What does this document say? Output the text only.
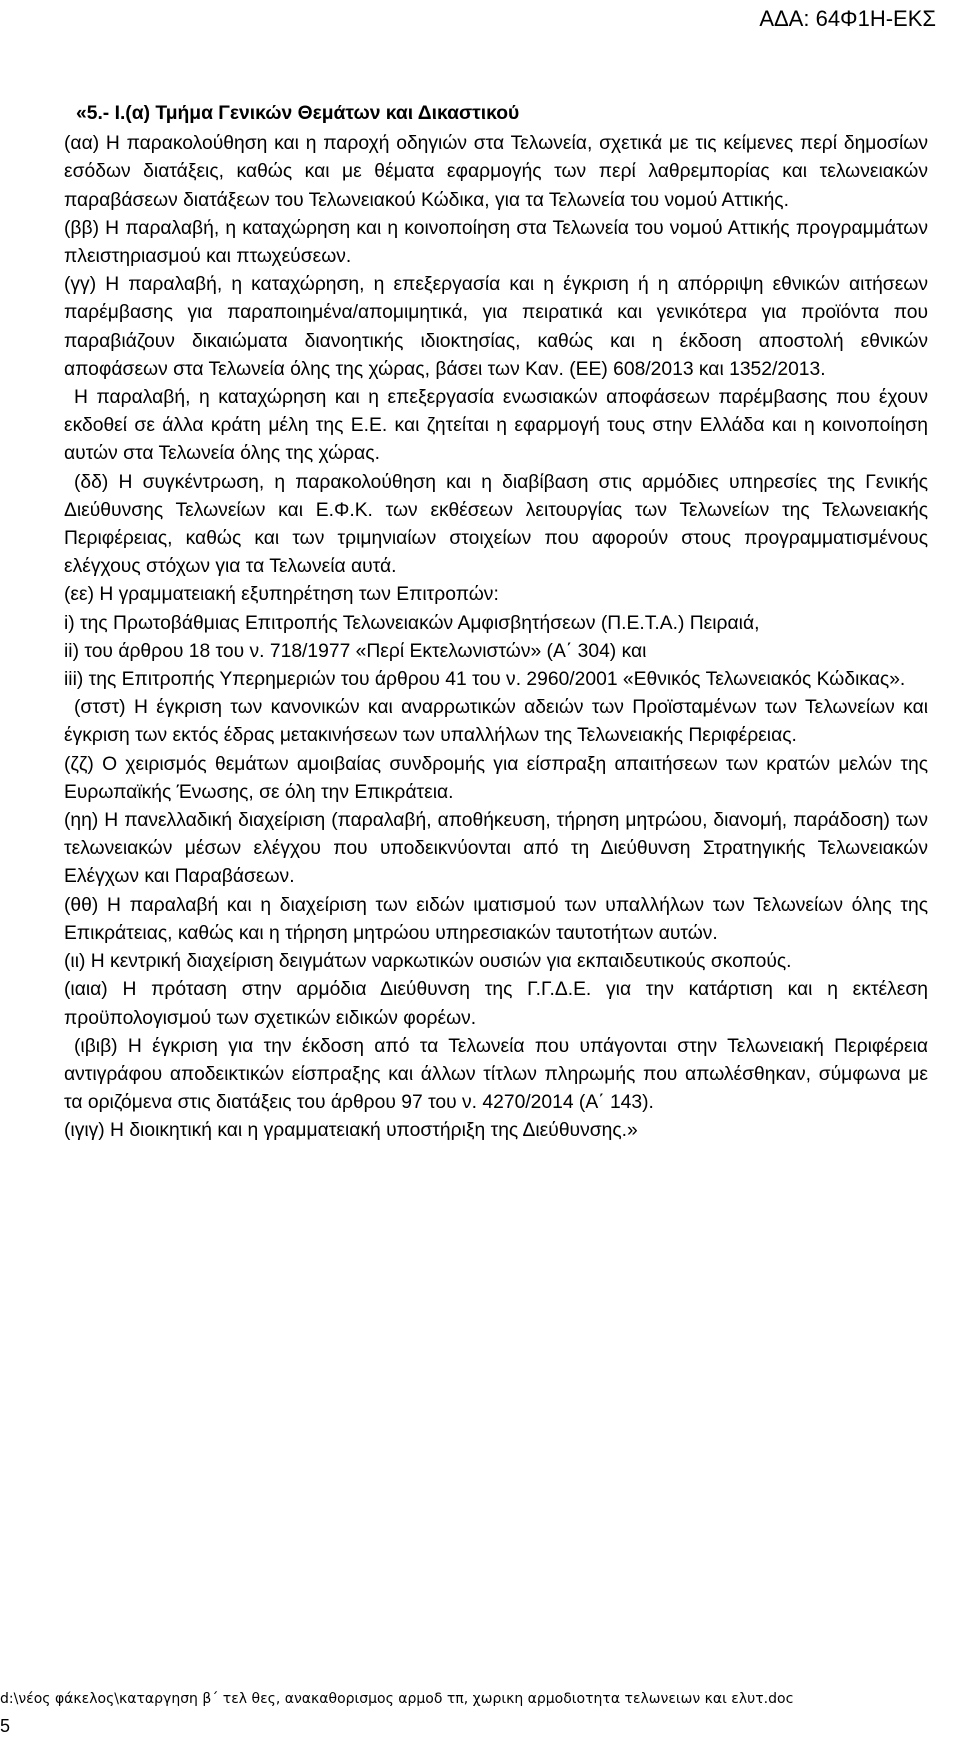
ΑΔΑ: 64Φ1Η-ΕΚΣ
«5.- Ι.(α) Τμήμα Γενικών Θεμάτων και Δικαστικού

(αα) Η παρακολούθηση και η παροχή οδηγιών στα Τελωνεία, σχετικά με τις κείμενες περί δημοσίων εσόδων διατάξεις, καθώς και με θέματα εφαρμογής των περί λαθρεμπορίας και τελωνειακών παραβάσεων διατάξεων του Τελωνειακού Κώδικα, για τα Τελωνεία του νομού Αττικής.

(ββ) Η παραλαβή, η καταχώρηση και η κοινοποίηση στα Τελωνεία του νομού Αττικής προγραμμάτων πλειστηριασμού και πτωχεύσεων.

(γγ) Η παραλαβή, η καταχώρηση, η επεξεργασία και η έγκριση ή η απόρριψη εθνικών αιτήσεων παρέμβασης για παραποιημένα/απομιμητικά, για πειρατικά και γενικότερα για προϊόντα που παραβιάζουν δικαιώματα διανοητικής ιδιοκτησίας, καθώς και η έκδοση αποστολή εθνικών αποφάσεων στα Τελωνεία όλης της χώρας, βάσει των Καν. (ΕΕ) 608/2013 και 1352/2013.

Η παραλαβή, η καταχώρηση και η επεξεργασία ενωσιακών αποφάσεων παρέμβασης που έχουν εκδοθεί σε άλλα κράτη μέλη της Ε.Ε. και ζητείται η εφαρμογή τους στην Ελλάδα και η κοινοποίηση αυτών στα Τελωνεία όλης της χώρας.

(δδ) Η συγκέντρωση, η παρακολούθηση και η διαβίβαση στις αρμόδιες υπηρεσίες της Γενικής Διεύθυνσης Τελωνείων και Ε.Φ.Κ. των εκθέσεων λειτουργίας των Τελωνείων της Τελωνειακής Περιφέρειας, καθώς και των τριμηνιαίων στοιχείων που αφορούν στους προγραμματισμένους ελέγχους στόχων για τα Τελωνεία αυτά.

(εε) Η γραμματειακή εξυπηρέτηση των Επιτροπών:

i) της Πρωτοβάθμιας Επιτροπής Τελωνειακών Αμφισβητήσεων (Π.Ε.Τ.Α.) Πειραιά,

ii) του άρθρου 18 του ν. 718/1977 «Περί Εκτελωνιστών» (Α΄ 304) και

iii) της Επιτροπής Υπερημεριών του άρθρου 41 του ν. 2960/2001 «Εθνικός Τελωνειακός Κώδικας».

(στστ) Η έγκριση των κανονικών και αναρρωτικών αδειών των Προϊσταμένων των Τελωνείων και έγκριση των εκτός έδρας μετακινήσεων των υπαλλήλων της Τελωνειακής Περιφέρειας.

(ζζ) Ο χειρισμός θεμάτων αμοιβαίας συνδρομής για είσπραξη απαιτήσεων των κρατών μελών της Ευρωπαϊκής Ένωσης, σε όλη την Επικράτεια.

(ηη) Η πανελλαδική διαχείριση (παραλαβή, αποθήκευση, τήρηση μητρώου, διανομή, παράδοση) των τελωνειακών μέσων ελέγχου που υποδεικνύονται από τη Διεύθυνση Στρατηγικής Τελωνειακών Ελέγχων και Παραβάσεων.

(θθ) Η παραλαβή και η διαχείριση των ειδών ιματισμού των υπαλλήλων των Τελωνείων όλης της Επικράτειας, καθώς και η τήρηση μητρώου υπηρεσιακών ταυτοτήτων αυτών.

(ιι) Η κεντρική διαχείριση δειγμάτων ναρκωτικών ουσιών για εκπαιδευτικούς σκοπούς.

(ιαια) Η πρόταση στην αρμόδια Διεύθυνση της Γ.Γ.Δ.Ε. για την κατάρτιση και η εκτέλεση προϋπολογισμού των σχετικών ειδικών φορέων.

(ιβιβ) Η έγκριση για την έκδοση από τα Τελωνεία που υπάγονται στην Τελωνειακή Περιφέρεια αντιγράφου αποδεικτικών είσπραξης και άλλων τίτλων πληρωμής που απωλέσθηκαν, σύμφωνα με τα οριζόμενα στις διατάξεις του άρθρου 97 του ν. 4270/2014 (Α΄ 143).

(ιγιγ) Η διοικητική και η γραμματειακή υποστήριξη της Διεύθυνσης.»

d:\νέος φάκελος\καταργηση β΄ τελ θες, ανακαθορισμος αρμοδ τπ, χωρικη αρμοδιοτητα τελωνειων και ελυτ.doc
5
